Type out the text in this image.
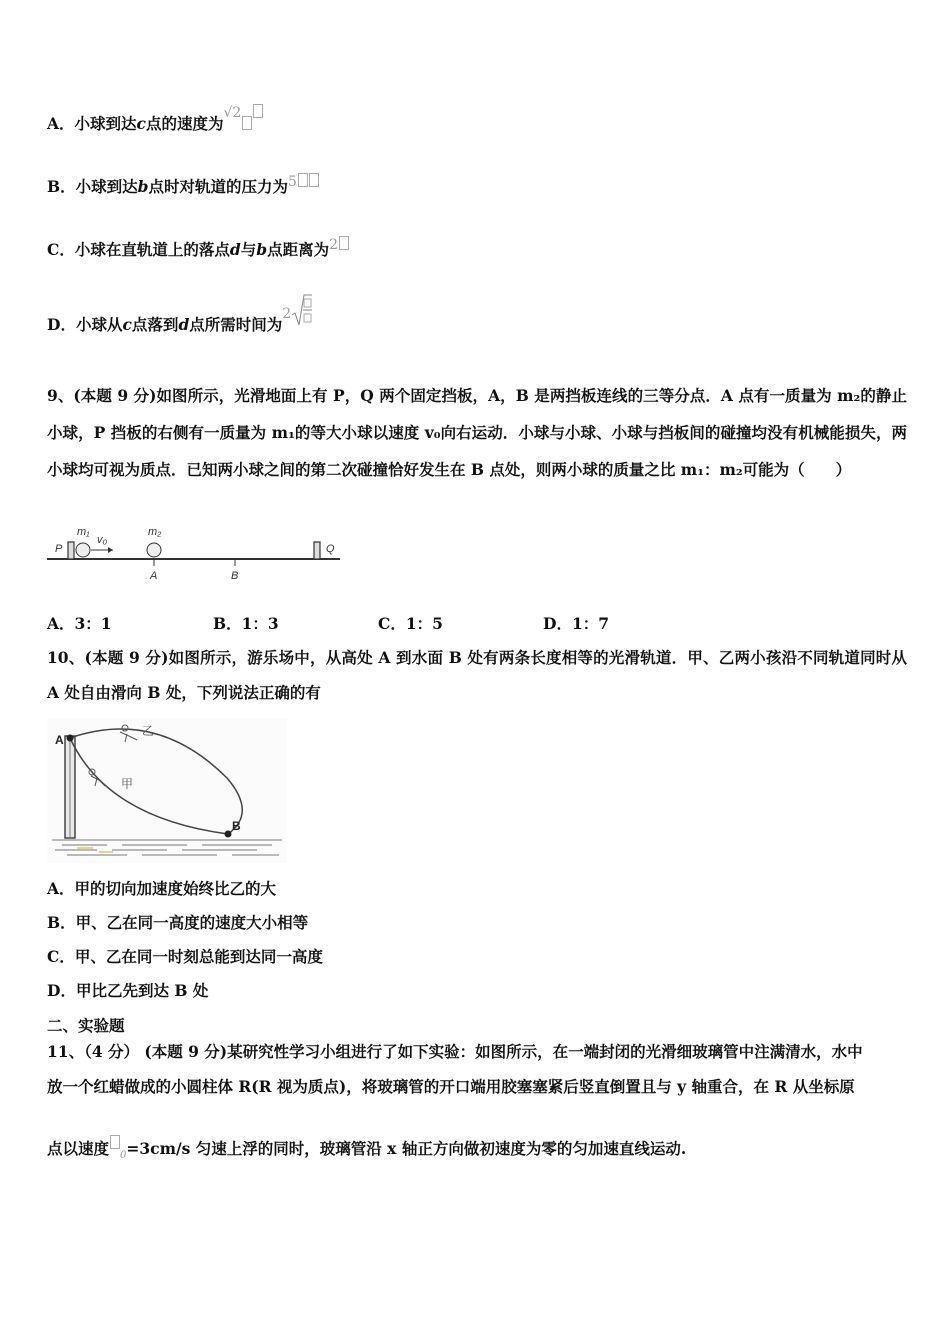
A．小球到达c点的速度为√2
B．小球到达b点时对轨道的压力为5
C．小球在直轨道上的落点d与b点距离为2
D．小球从c点落到d点所需时间为2
9、(本题 9 分)如图所示，光滑地面上有 P，Q 两个固定挡板，A，B 是两挡板连线的三等分点．A 点有一质量为 m₂的静止小球，P 挡板的右侧有一质量为 m₁的等大小球以速度 v₀向右运动．小球与小球、小球与挡板间的碰撞均没有机械能损失，两小球均可视为质点．已知两小球之间的第二次碰撞恰好发生在 B 点处，则两小球的质量之比 m₁：m₂可能为（　　）
P
m₁
v₀
m₂
A	B
Q
A．3：1	B．1：3	C．1：5	D．1：7
10、(本题 9 分)如图所示，游乐场中，从高处 A 到水面 B 处有两条长度相等的光滑轨道．甲、乙两小孩沿不同轨道同时从 A 处自由滑向 B 处，下列说法正确的有
A
B
乙
甲
A．甲的切向加速度始终比乙的大
B．甲、乙在同一高度的速度大小相等
C．甲、乙在同一时刻总能到达同一高度
D．甲比乙先到达 B 处
二、实验题
11、（4 分） (本题 9 分)某研究性学习小组进行了如下实验：如图所示，在一端封闭的光滑细玻璃管中注满清水，水中
放一个红蜡做成的小圆柱体 R(R 视为质点)，将玻璃管的开口端用胶塞塞紧后竖直倒置且与 y 轴重合，在 R 从坐标原
点以速度 $_0$=3cm/s 匀速上浮的同时，玻璃管沿 x 轴正方向做初速度为零的匀加速直线运动.
